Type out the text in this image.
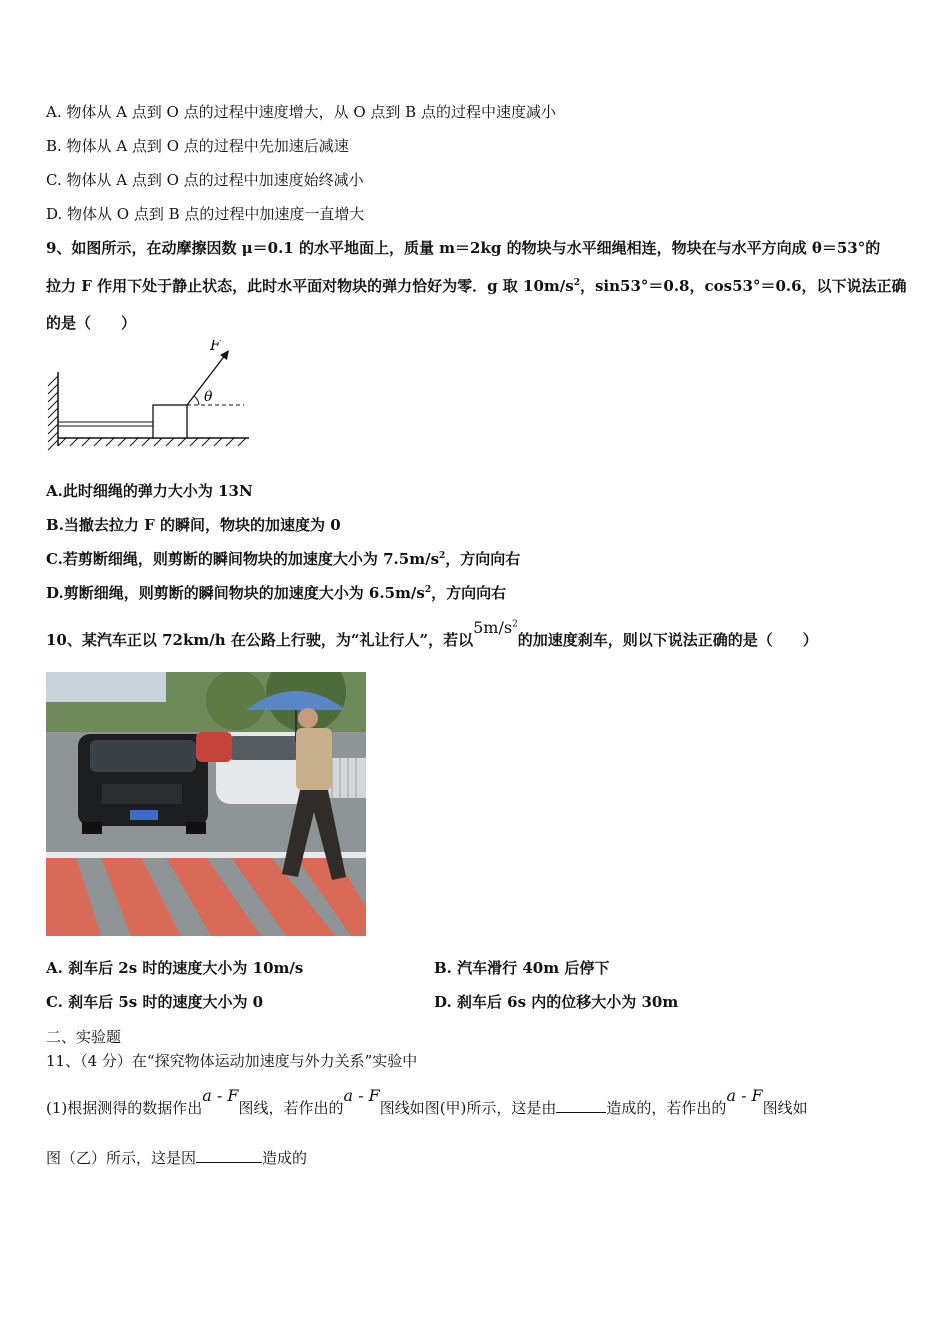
A. 物体从 A 点到 O 点的过程中速度增大，从 O 点到 B 点的过程中速度减小
B. 物体从 A 点到 O 点的过程中先加速后减速
C. 物体从 A 点到 O 点的过程中加速度始终减小
D. 物体从 O 点到 B 点的过程中加速度一直增大
9、如图所示，在动摩擦因数 μ＝0.1 的水平地面上，质量 m＝2kg 的物块与水平细绳相连，物块在与水平方向成 θ＝53°的
拉力 F 作用下处于静止状态，此时水平面对物块的弹力恰好为零．g 取 $10m/s^2$，sin53°＝0.8，cos53°＝0.6，以下说法正确
的是（　　）
F
θ
A.此时细绳的弹力大小为 13N
B.当撤去拉力 F 的瞬间，物块的加速度为 0
C.若剪断细绳，则剪断的瞬间物块的加速度大小为 $7.5m/s^2$，方向向右
D.剪断细绳，则剪断的瞬间物块的加速度大小为 $6.5m/s^2$，方向向右
10、某汽车正以 72km/h 在公路上行驶，为“礼让行人”，若以$5m/s^2$的加速度刹车，则以下说法正确的是（　　）
A. 刹车后 2s 时的速度大小为 10m/s	B. 汽车滑行 40m 后停下
C. 刹车后 5s 时的速度大小为 0	D. 刹车后 6s 内的位移大小为 30m
二、实验题
11、（4 分）在“探究物体运动加速度与外力关系”实验中
(1)根据测得的数据作出a - F图线，若作出的a - F图线如图(甲)所示，这是由	造成的，若作出的a - F图线如
图（乙）所示，这是因	造成的
